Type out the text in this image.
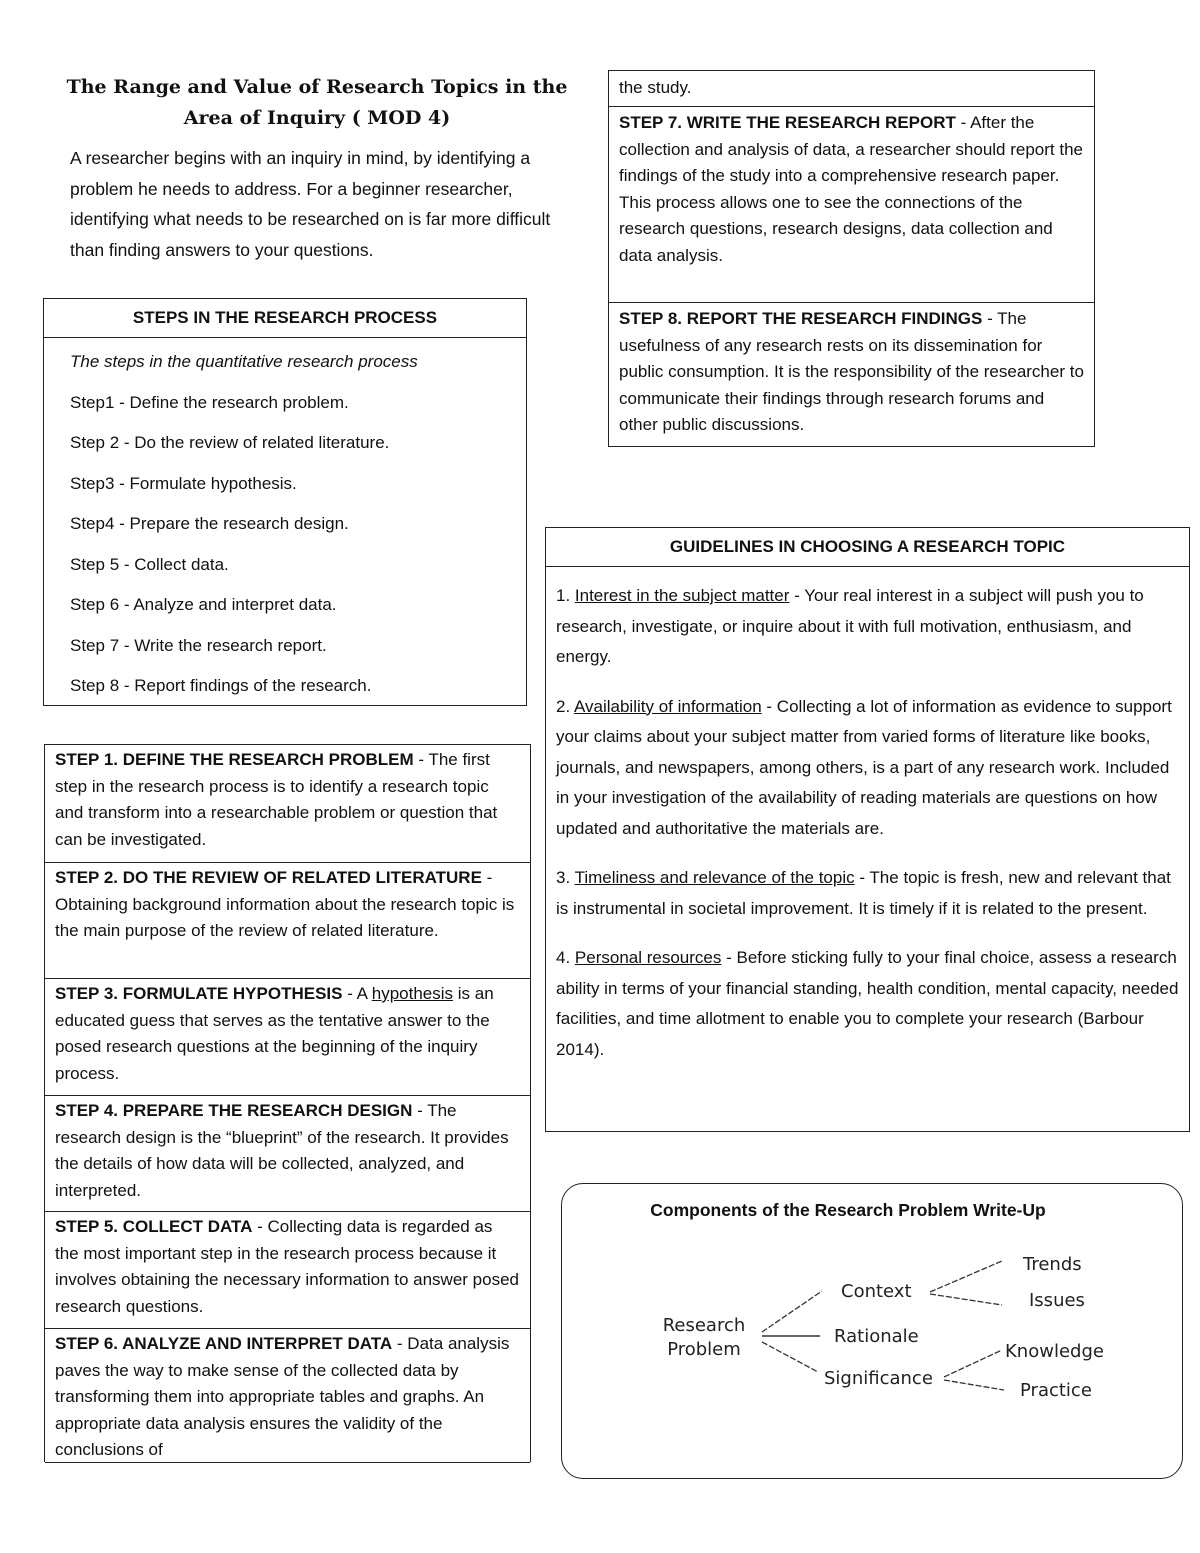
The Range and Value of Research Topics in the
Area of Inquiry ( MOD 4)
A researcher begins with an inquiry in mind, by identifying a problem he needs to address. For a beginner researcher, identifying what needs to be researched on is far more difficult than finding answers to your questions.
STEPS IN THE RESEARCH PROCESS
The steps in the quantitative research process
Step1 - Define the research problem.
Step 2 - Do the review of related literature.
Step3 - Formulate hypothesis.
Step4 - Prepare the research design.
Step 5 - Collect data.
Step 6 - Analyze and interpret data.
Step 7 - Write the research report.
Step 8 - Report findings of the research.
STEP 1. DEFINE THE RESEARCH PROBLEM - The first step in the research process is to identify a research topic and transform into a researchable problem or question that can be investigated.
STEP 2. DO THE REVIEW OF RELATED LITERATURE - Obtaining background information about the research topic is the main purpose of the review of related literature.
STEP 3. FORMULATE HYPOTHESIS - A hypothesis is an educated guess that serves as the tentative answer to the posed research questions at the beginning of the inquiry process.
STEP 4. PREPARE THE RESEARCH DESIGN - The research design is the “blueprint” of the research. It provides the details of how data will be collected, analyzed, and interpreted.
STEP 5. COLLECT DATA - Collecting data is regarded as the most important step in the research process because it involves obtaining the necessary information to answer posed research questions.
STEP 6. ANALYZE AND INTERPRET DATA - Data analysis paves the way to make sense of the collected data by transforming them into appropriate tables and graphs. An appropriate data analysis ensures the validity of the conclusions of
the study.
STEP 7. WRITE THE RESEARCH REPORT - After the collection and analysis of data, a researcher should report the findings of the study into a comprehensive research paper. This process allows one to see the connections of the research questions, research designs, data collection and data analysis.
STEP 8. REPORT THE RESEARCH FINDINGS - The usefulness of any research rests on its dissemination for public consumption. It is the responsibility of the researcher to communicate their findings through research forums and other public discussions.
GUIDELINES IN CHOOSING A RESEARCH TOPIC

1. Interest in the subject matter - Your real interest in a subject will push you to research, investigate, or inquire about it with full motivation, enthusiasm, and energy.

2. Availability of information - Collecting a lot of information as evidence to support your claims about your subject matter from varied forms of literature like books, journals, and newspapers, among others, is a part of any research work. Included in your investigation of the availability of reading materials are questions on how updated and authoritative the materials are.

3. Timeliness and relevance of the topic - The topic is fresh, new and relevant that is instrumental in societal improvement. It is timely if it is related to the present.

4. Personal resources - Before sticking fully to your final choice, assess a research ability in terms of your financial standing, health condition, mental capacity, needed facilities, and time allotment to enable you to complete your research (Barbour 2014).

Components of the Research Problem Write-Up
Research
Problem
Context
Rationale
Significance
Trends
Issues
Knowledge
Practice
